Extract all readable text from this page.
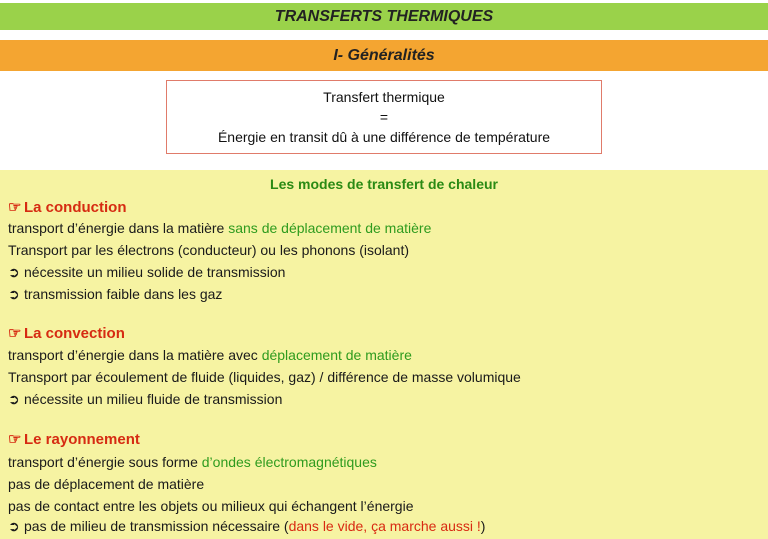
TRANSFERTS THERMIQUES
I- Généralités
Transfert thermique
=
Énergie en transit dû à une différence de température
Les modes de transfert de chaleur
☞ La conduction
transport d’énergie dans la matière sans de déplacement de matière
Transport par les électrons (conducteur) ou les phonons (isolant)
➲ nécessite un milieu solide de transmission
➲ transmission faible dans les gaz
☞ La convection
transport d’énergie dans la matière avec déplacement de matière
Transport par écoulement de fluide (liquides, gaz) / différence de masse volumique
➲ nécessite un milieu fluide de transmission
☞ Le rayonnement
transport d’énergie sous forme d’ondes électromagnétiques
pas de déplacement de matière
pas de contact entre les objets ou milieux qui échangent l’énergie
➲ pas de milieu de transmission nécessaire (dans le vide, ça marche aussi !)
